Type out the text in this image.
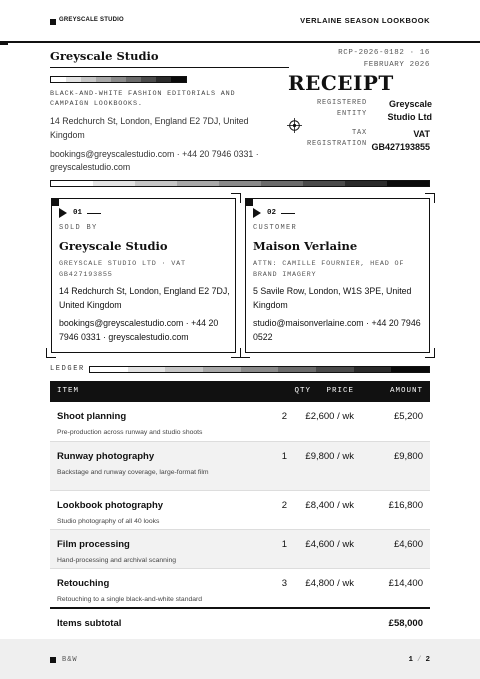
GREYSCALE STUDIO	VERLAINE SEASON LOOKBOOK
Greyscale Studio
BLACK-AND-WHITE FASHION EDITORIALS AND CAMPAIGN LOOKBOOKS.
14 Redchurch St, London, England E2 7DJ, United Kingdom
bookings@greyscalestudio.com · +44 20 7946 0331 · greyscalestudio.com
RCP-2026-0182 · 16 FEBRUARY 2026
RECEIPT
REGISTERED ENTITY
Greyscale Studio Ltd
TAX REGISTRATION
VAT GB427193855
01
SOLD BY
Greyscale Studio
GREYSCALE STUDIO LTD · VAT GB427193855
14 Redchurch St, London, England E2 7DJ, United Kingdom
bookings@greyscalestudio.com · +44 20 7946 0331 · greyscalestudio.com
02
CUSTOMER
Maison Verlaine
ATTN: CAMILLE FOURNIER, HEAD OF BRAND IMAGERY
5 Savile Row, London, W1S 3PE, United Kingdom
studio@maisonverlaine.com · +44 20 7946 0522
LEDGER
ITEM	QTY PRICE	AMOUNT
Shoot planning
Pre-production across runway and studio shoots
2 £2,600 / wk	£5,200
Runway photography
Backstage and runway coverage, large-format film
1 £9,800 / wk	£9,800
Lookbook photography
Studio photography of all 40 looks
2 £8,400 / wk	£16,800
Film processing
Hand-processing and archival scanning
1 £4,600 / wk	£4,600
Retouching
Retouching to a single black-and-white standard
3 £4,800 / wk	£14,400
Items subtotal	£58,000
B&W	1 / 2
